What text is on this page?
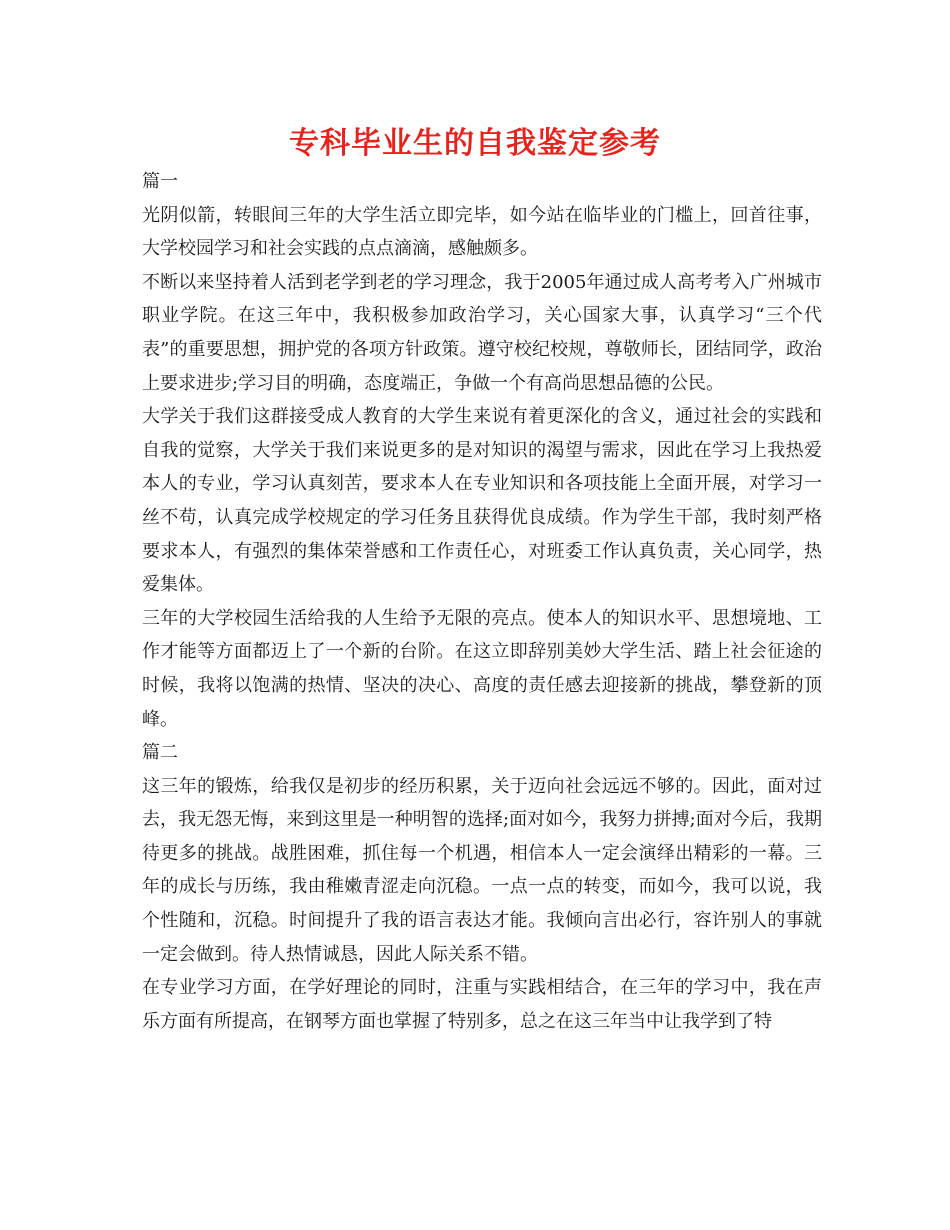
专科毕业生的自我鉴定参考

篇一

光阴似箭，转眼间三年的大学生活立即完毕，如今站在临毕业的门槛上，回首往事，大学校园学习和社会实践的点点滴滴，感触颇多。

不断以来坚持着人活到老学到老的学习理念，我于2005年通过成人高考考入广州城市职业学院。在这三年中，我积极参加政治学习，关心国家大事，认真学习“三个代表”的重要思想，拥护党的各项方针政策。遵守校纪校规，尊敬师长，团结同学，政治上要求进步;学习目的明确，态度端正，争做一个有高尚思想品德的公民。

大学关于我们这群接受成人教育的大学生来说有着更深化的含义，通过社会的实践和自我的觉察，大学关于我们来说更多的是对知识的渴望与需求，因此在学习上我热爱本人的专业，学习认真刻苦，要求本人在专业知识和各项技能上全面开展，对学习一丝不苟，认真完成学校规定的学习任务且获得优良成绩。作为学生干部，我时刻严格要求本人，有强烈的集体荣誉感和工作责任心，对班委工作认真负责，关心同学，热爱集体。

三年的大学校园生活给我的人生给予无限的亮点。使本人的知识水平、思想境地、工作才能等方面都迈上了一个新的台阶。在这立即辞别美妙大学生活、踏上社会征途的时候，我将以饱满的热情、坚决的决心、高度的责任感去迎接新的挑战，攀登新的顶峰。

篇二

这三年的锻炼，给我仅是初步的经历积累，关于迈向社会远远不够的。因此，面对过去，我无怨无悔，来到这里是一种明智的选择;面对如今，我努力拼搏;面对今后，我期待更多的挑战。战胜困难，抓住每一个机遇，相信本人一定会演绎出精彩的一幕。三年的成长与历练，我由稚嫩青涩走向沉稳。一点一点的转变，而如今，我可以说，我个性随和，沉稳。时间提升了我的语言表达才能。我倾向言出必行，容许别人的事就一定会做到。待人热情诚恳，因此人际关系不错。

在专业学习方面，在学好理论的同时，注重与实践相结合，在三年的学习中，我在声乐方面有所提高，在钢琴方面也掌握了特别多，总之在这三年当中让我学到了特
